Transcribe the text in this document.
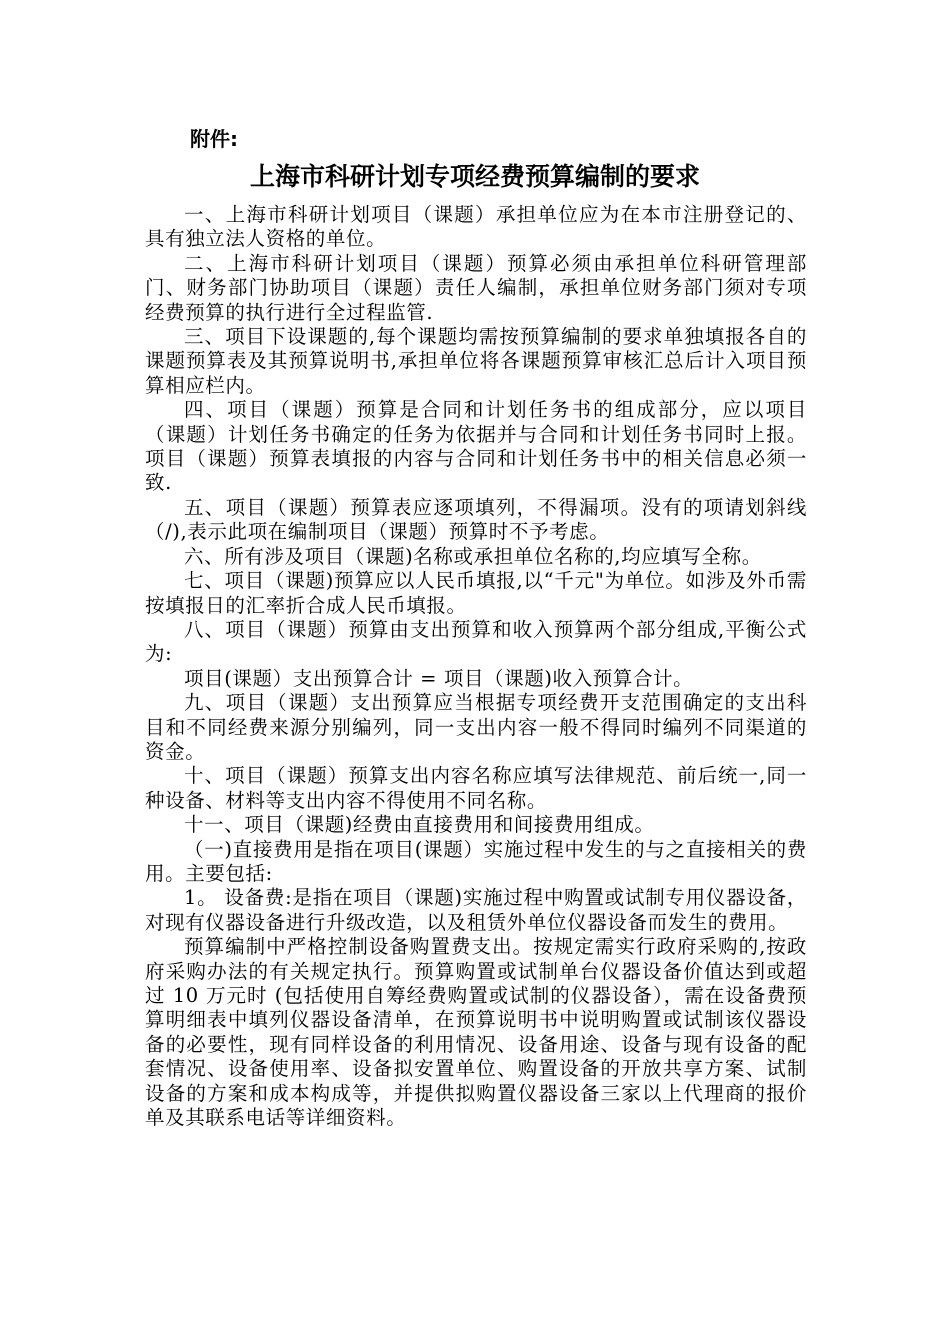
附件:

上海市科研计划专项经费预算编制的要求

一、上海市科研计划项目（课题）承担单位应为在本市注册登记的、具有独立法人资格的单位。

二、上海市科研计划项目（课题）预算必须由承担单位科研管理部门、财务部门协助项目（课题）责任人编制，承担单位财务部门须对专项经费预算的执行进行全过程监管.

三、项目下设课题的,每个课题均需按预算编制的要求单独填报各自的课题预算表及其预算说明书,承担单位将各课题预算审核汇总后计入项目预算相应栏内。

四、项目（课题）预算是合同和计划任务书的组成部分，应以项目（课题）计划任务书确定的任务为依据并与合同和计划任务书同时上报。项目（课题）预算表填报的内容与合同和计划任务书中的相关信息必须一致.

五、项目（课题）预算表应逐项填列，不得漏项。没有的项请划斜线（/),表示此项在编制项目（课题）预算时不予考虑。

六、所有涉及项目（课题)名称或承担单位名称的,均应填写全称。

七、项目（课题)预算应以人民币填报,以“千元"为单位。如涉及外币需按填报日的汇率折合成人民币填报。

八、项目（课题）预算由支出预算和收入预算两个部分组成,平衡公式为:

项目(课题）支出预算合计 = 项目（课题)收入预算合计。

九、项目（课题）支出预算应当根据专项经费开支范围确定的支出科目和不同经费来源分别编列，同一支出内容一般不得同时编列不同渠道的资金。

十、项目（课题）预算支出内容名称应填写法律规范、前后统一,同一种设备、材料等支出内容不得使用不同名称。

十一、项目（课题)经费由直接费用和间接费用组成。

（一)直接费用是指在项目(课题）实施过程中发生的与之直接相关的费用。主要包括:

1。 设备费:是指在项目（课题)实施过程中购置或试制专用仪器设备，对现有仪器设备进行升级改造，以及租赁外单位仪器设备而发生的费用。

预算编制中严格控制设备购置费支出。按规定需实行政府采购的,按政府采购办法的有关规定执行。预算购置或试制单台仪器设备价值达到或超过 10 万元时 (包括使用自筹经费购置或试制的仪器设备），需在设备费预算明细表中填列仪器设备清单，在预算说明书中说明购置或试制该仪器设备的必要性，现有同样设备的利用情况、设备用途、设备与现有设备的配套情况、设备使用率、设备拟安置单位、购置设备的开放共享方案、试制设备的方案和成本构成等，并提供拟购置仪器设备三家以上代理商的报价单及其联系电话等详细资料。
